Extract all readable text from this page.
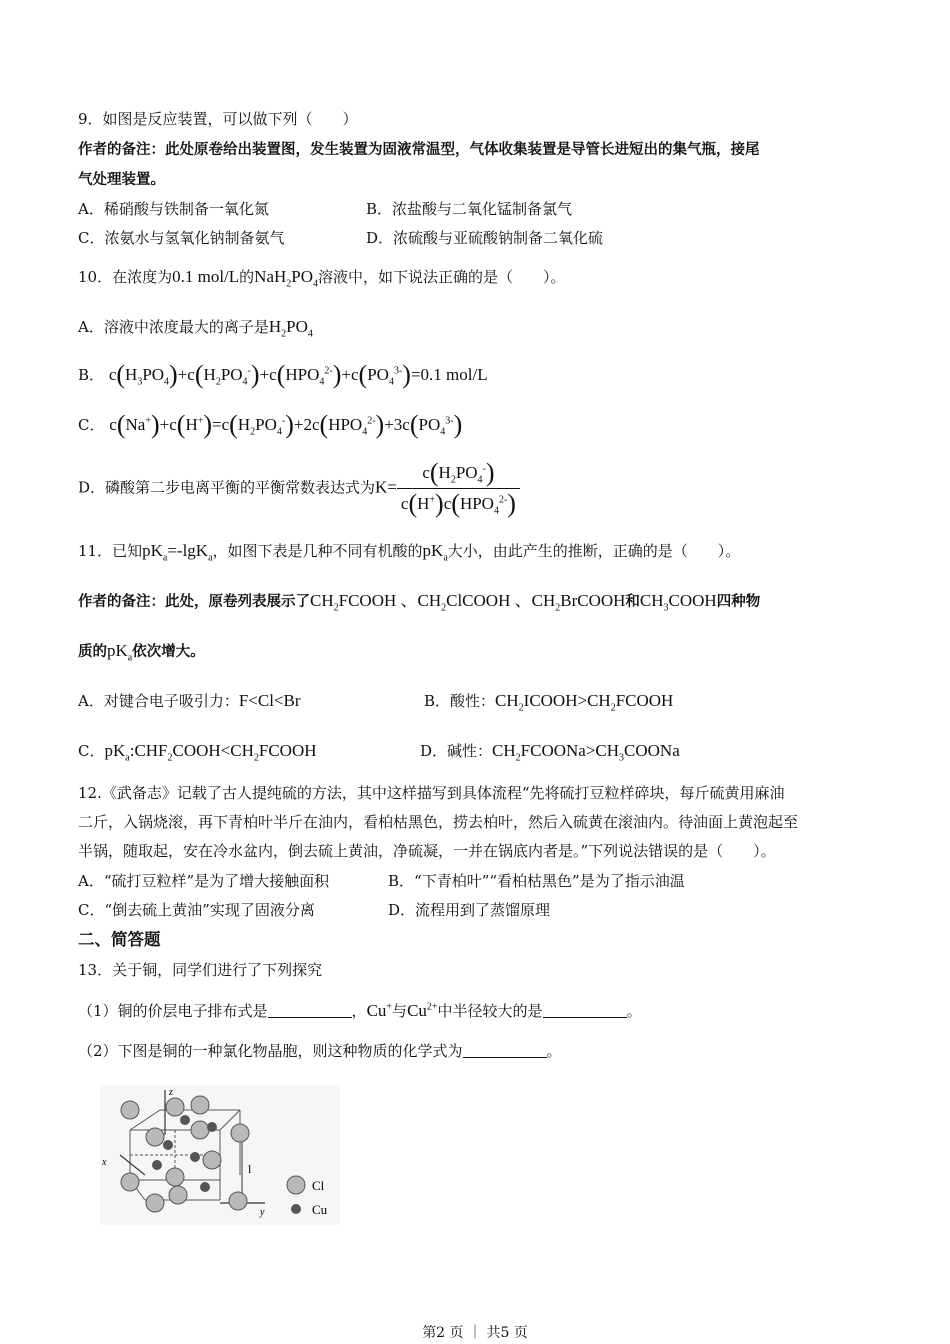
9．如图是反应装置，可以做下列（　　）
作者的备注：此处原卷给出装置图，发生装置为固液常温型，气体收集装置是导管长进短出的集气瓶，接尾
气处理装置。
A．稀硝酸与铁制备一氧化氮	B．浓盐酸与二氧化锰制备氯气
C．浓氨水与氢氧化钠制备氨气	D．浓硫酸与亚硫酸钠制备二氧化硫
10．在浓度为0.1 mol/L的$NaH_2PO_4$溶液中，如下说法正确的是（　　）。
A．溶液中浓度最大的离子是$H_2PO_4$
B． $c(H_3PO_4)+c(H_2PO_4^-)+c(HPO_4^{2-})+c(PO_4^{3-})=0.1$ mol/L
C． $c(Na^+)+c(H^+)=c(H_2PO_4^-)+2c(HPO_4^{2-})+3c(PO_4^{3-})$
D．磷酸第二步电离平衡的平衡常数表达式为$K= \frac{c(H_2PO_4^-)}{c(H^+)c(HPO_4^{2-})}$
11．已知$pK_a=-\lg K_a$，如图下表是几种不同有机酸的$pK_a$大小，由此产生的推断，正确的是（　　）。
作者的备注：此处，原卷列表展示了$CH_2FCOOH$ 、$CH_2ClCOOH$ 、$CH_2BrCOOH$和$CH_3COOH$四种物
质的$pK_a$依次增大。
A．对键合电子吸引力：F<Cl<Br	B．酸性：$CH_2ICOOH>CH_2FCOOH$
C．$pK_a:CHF_2COOH<CH_2FCOOH$	D．碱性：$CH_2FCOONa>CH_3COONa$
12.《武备志》记载了古人提纯硫的方法，其中这样描写到具体流程“先将硫打豆粒样碎块，每斤硫黄用麻油
二斤，入锅烧滚，再下青柏叶半斤在油内，看柏枯黑色，捞去柏叶，然后入硫黄在滚油内。待油面上黄泡起至
半锅，随取起，安在冷水盆内，倒去硫上黄油，净硫凝，一并在锅底内者是。”下列说法错误的是（　　）。
A．“硫打豆粒样”是为了增大接触面积	B．“下青柏叶”“看柏枯黑色”是为了指示油温
C．“倒去硫上黄油”实现了固液分离	D．流程用到了蒸馏原理
二、简答题
13．关于铜，同学们进行了下列探究
（1）铜的价层电子排布式是	，Cu+与$Cu^{2+}$中半径较大的是	。
（2）下图是铜的一种氯化物晶胞，则这种物质的化学式为	。
z
y
x	l
Cl
Cu
第2 页 ｜ 共5 页
